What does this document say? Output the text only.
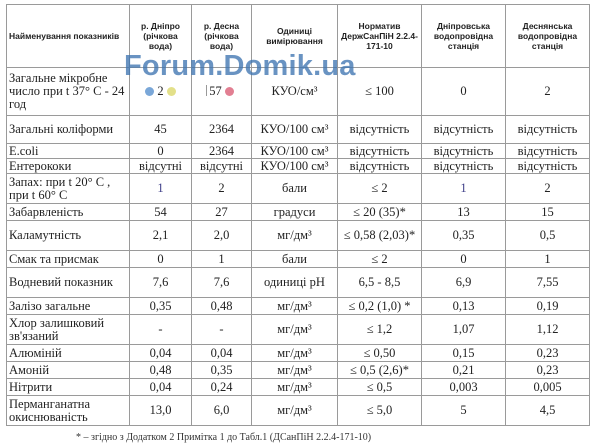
Найменування показників	р. Дніпро (річкова вода)	р. Десна (річкова вода)	Одиниці вимірювання	Норматив ДержСанПіН 2.2.4-171-10	Дніпровська водопровідна станція	Деснянська водопровідна станція
Загальне мікробне число при t 37° С - 24 год	2	57	КУО/см³	≤ 100	0	2
Загальні коліформи	45	2364	КУО/100 см³	відсутність	відсутність	відсутність
E.coli	0	2364	КУО/100 см³	відсутність	відсутність	відсутність
Ентерококи	відсутні	відсутні	КУО/100 см³	відсутність	відсутність	відсутність
Запах: при t 20° С , при t 60° С	1	2	бали	≤ 2	1	2
Забарвленість	54	27	градуси	≤ 20 (35)*	13	15
Каламутність	2,1	2,0	мг/дм³	≤ 0,58 (2,03)*	0,35	0,5
Смак та присмак	0	1	бали	≤ 2	0	1
Водневий показник	7,6	7,6	одиниці pH	6,5 - 8,5	6,9	7,55
Залізо загальне	0,35	0,48	мг/дм³	≤ 0,2 (1,0) *	0,13	0,19
Хлор залишковий зв'язаний	-	-	мг/дм³	≤ 1,2	1,07	1,12
Алюміній	0,04	0,04	мг/дм³	≤ 0,50	0,15	0,23
Амоній	0,48	0,35	мг/дм³	≤ 0,5 (2,6)*	0,21	0,23
Нітрити	0,04	0,24	мг/дм³	≤ 0,5	0,003	0,005
Перманганатна окиснюваність	13,0	6,0	мг/дм³	≤ 5,0	5	4,5
Forum.Domik.ua
* – згідно з Додатком 2 Примітка 1 до Табл.1 (ДСанПіН 2.2.4-171-10)
